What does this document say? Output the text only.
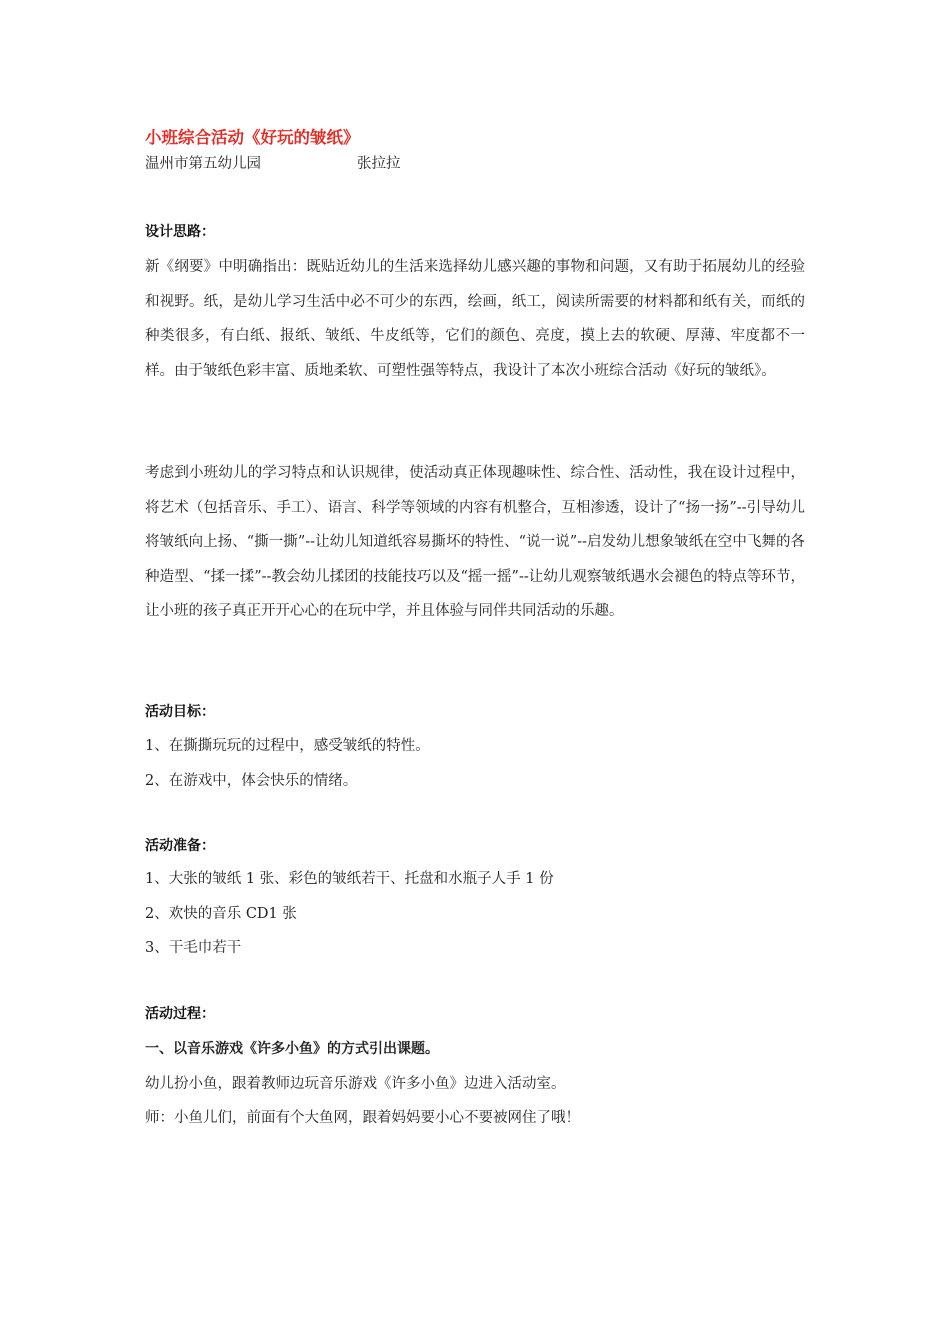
小班综合活动《好玩的皱纸》
温州市第五幼儿园	张拉拉
设计思路：

新《纲要》中明确指出：既贴近幼儿的生活来选择幼儿感兴趣的事物和问题，又有助于拓展幼儿的经验和视野。纸，是幼儿学习生活中必不可少的东西，绘画，纸工，阅读所需要的材料都和纸有关，而纸的种类很多，有白纸、报纸、皱纸、牛皮纸等，它们的颜色、亮度，摸上去的软硬、厚薄、牢度都不一样。由于皱纸色彩丰富、质地柔软、可塑性强等特点，我设计了本次小班综合活动《好玩的皱纸》。

考虑到小班幼儿的学习特点和认识规律，使活动真正体现趣味性、综合性、活动性，我在设计过程中，将艺术（包括音乐、手工）、语言、科学等领域的内容有机整合，互相渗透，设计了“扬一扬”--引导幼儿将皱纸向上扬、“撕一撕”--让幼儿知道纸容易撕坏的特性、“说一说”--启发幼儿想象皱纸在空中飞舞的各种造型、“揉一揉”--教会幼儿揉团的技能技巧以及“摇一摇”--让幼儿观察皱纸遇水会褪色的特点等环节，让小班的孩子真正开开心心的在玩中学，并且体验与同伴共同活动的乐趣。

活动目标：

1、在撕撕玩玩的过程中，感受皱纸的特性。

2、在游戏中，体会快乐的情绪。

活动准备：

1、大张的皱纸 1 张、彩色的皱纸若干、托盘和水瓶子人手 1 份

2、欢快的音乐 CD1 张

3、干毛巾若干

活动过程：

一、以音乐游戏《许多小鱼》的方式引出课题。

幼儿扮小鱼，跟着教师边玩音乐游戏《许多小鱼》边进入活动室。

师：小鱼儿们，前面有个大鱼网，跟着妈妈要小心不要被网住了哦！
